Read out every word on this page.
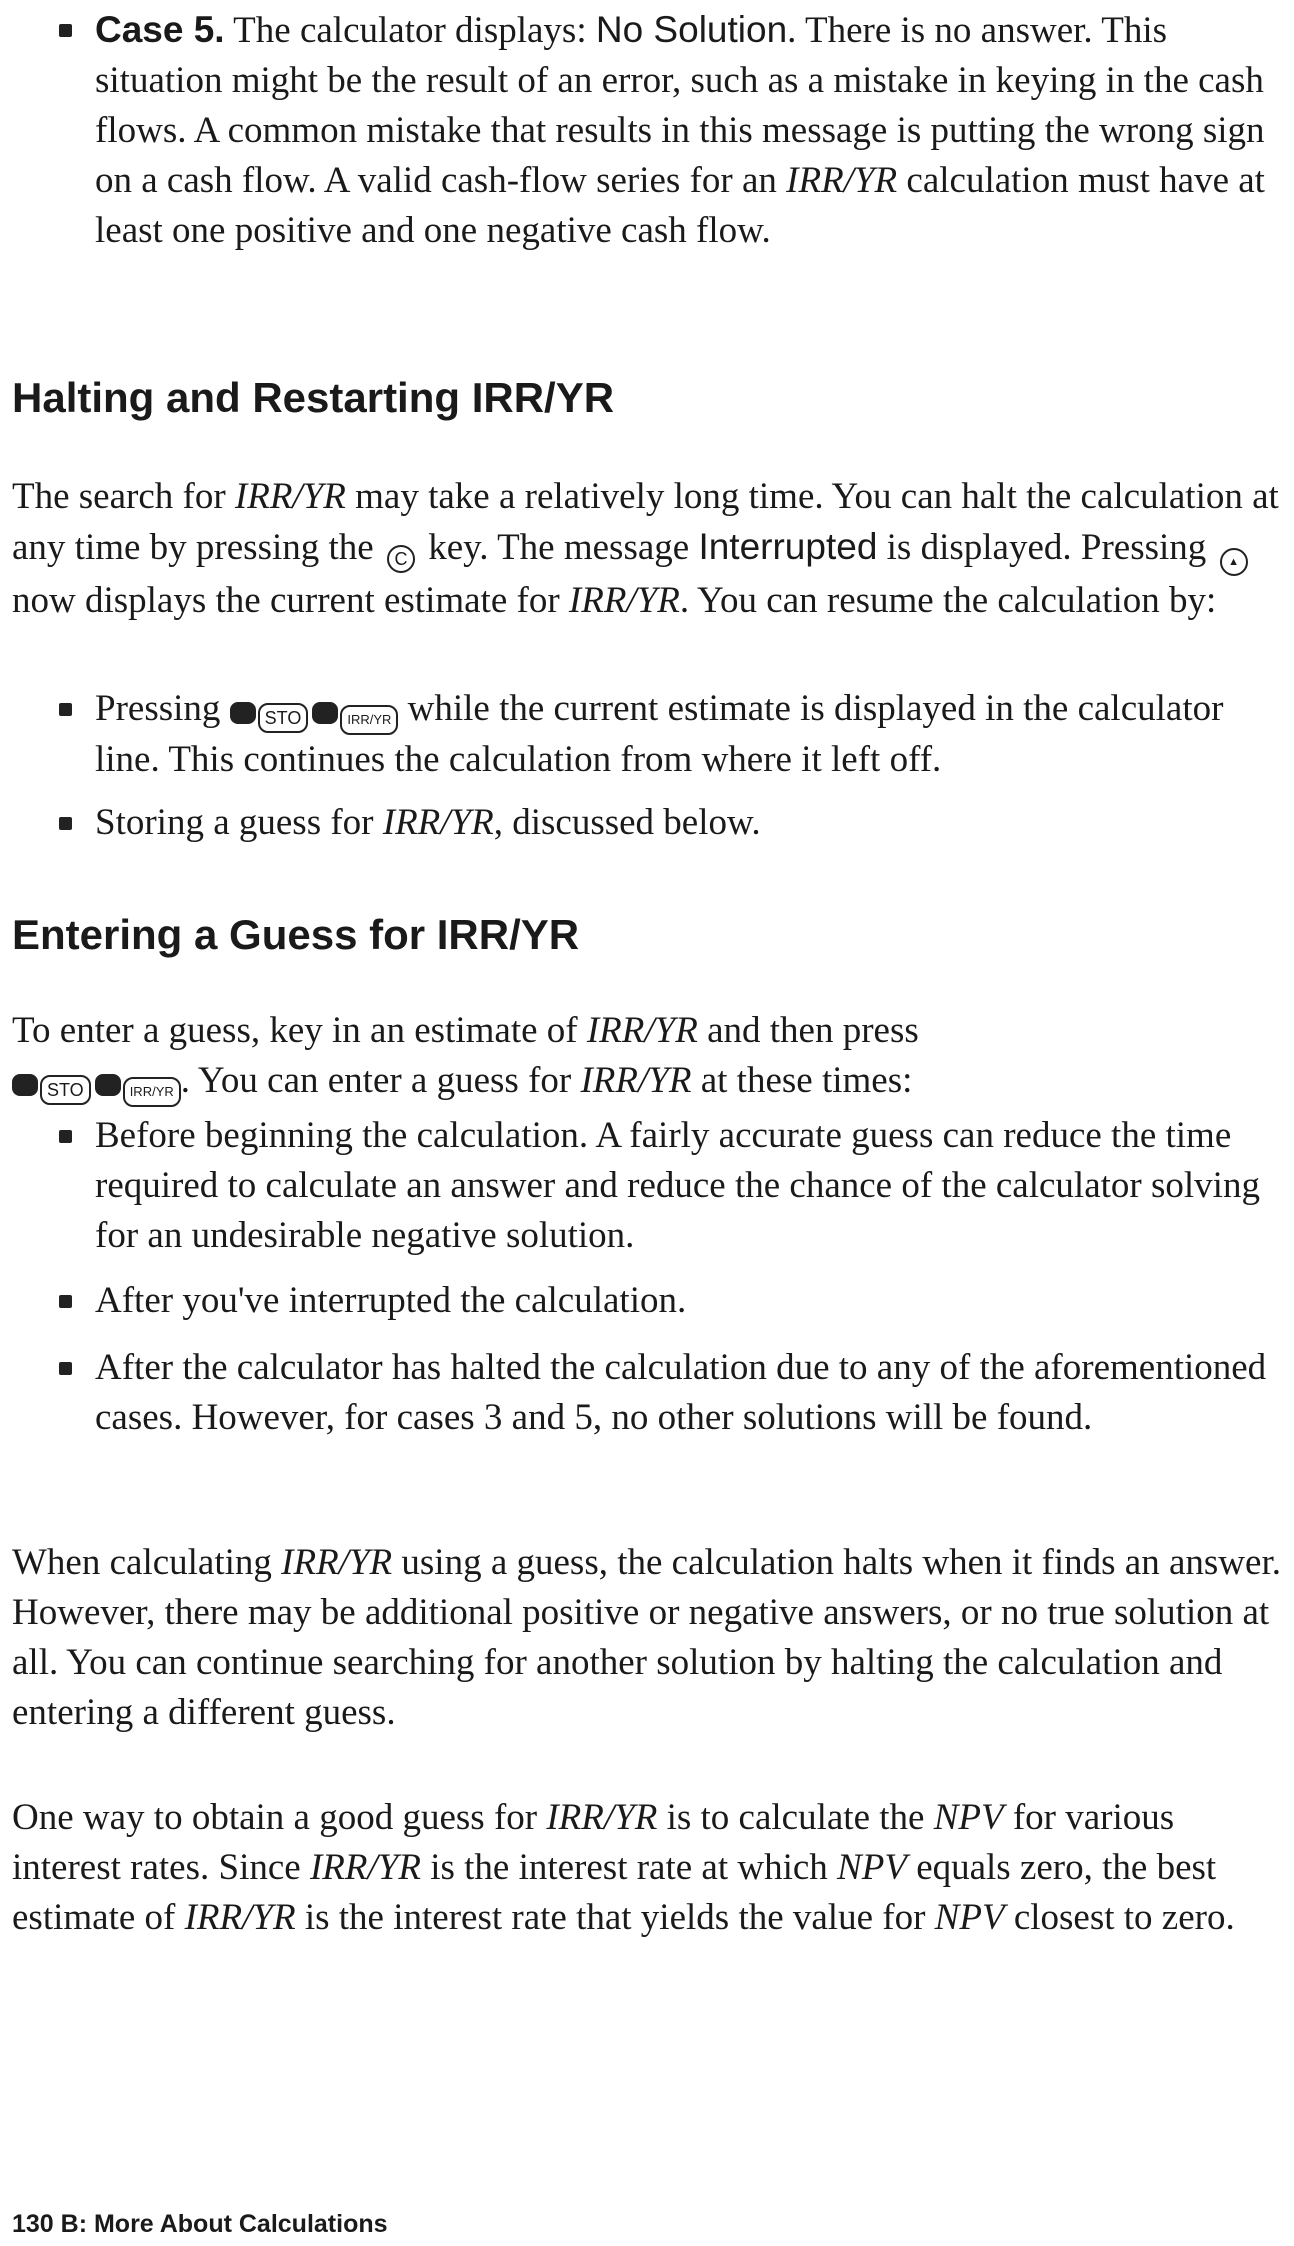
Case 5. The calculator displays: No Solution. There is no answer. This situation might be the result of an error, such as a mistake in keying in the cash flows. A common mistake that results in this message is putting the wrong sign on a cash flow. A valid cash-flow series for an IRR/YR calculation must have at least one positive and one negative cash flow.
Halting and Restarting IRR/YR
The search for IRR/YR may take a relatively long time. You can halt the calculation at any time by pressing the C key. The message Interrupted is displayed. Pressing ▲ now displays the current estimate for IRR/YR. You can resume the calculation by:
Pressing STO	IRR/YR while the current estimate is displayed in the calculator line. This continues the calculation from where it left off.
Storing a guess for IRR/YR, discussed below.
Entering a Guess for IRR/YR
To enter a guess, key in an estimate of IRR/YR and then press
STO	IRR/YR . You can enter a guess for IRR/YR at these times:
Before beginning the calculation. A fairly accurate guess can reduce the time required to calculate an answer and reduce the chance of the calculator solving for an undesirable negative solution.
After you've interrupted the calculation.
After the calculator has halted the calculation due to any of the aforementioned cases. However, for cases 3 and 5, no other solutions will be found.
When calculating IRR/YR using a guess, the calculation halts when it finds an answer. However, there may be additional positive or negative answers, or no true solution at all. You can continue searching for another solution by halting the calculation and entering a different guess.
One way to obtain a good guess for IRR/YR is to calculate the NPV for various interest rates. Since IRR/YR is the interest rate at which NPV equals zero, the best estimate of IRR/YR is the interest rate that yields the value for NPV closest to zero.
130 B: More About Calculations
